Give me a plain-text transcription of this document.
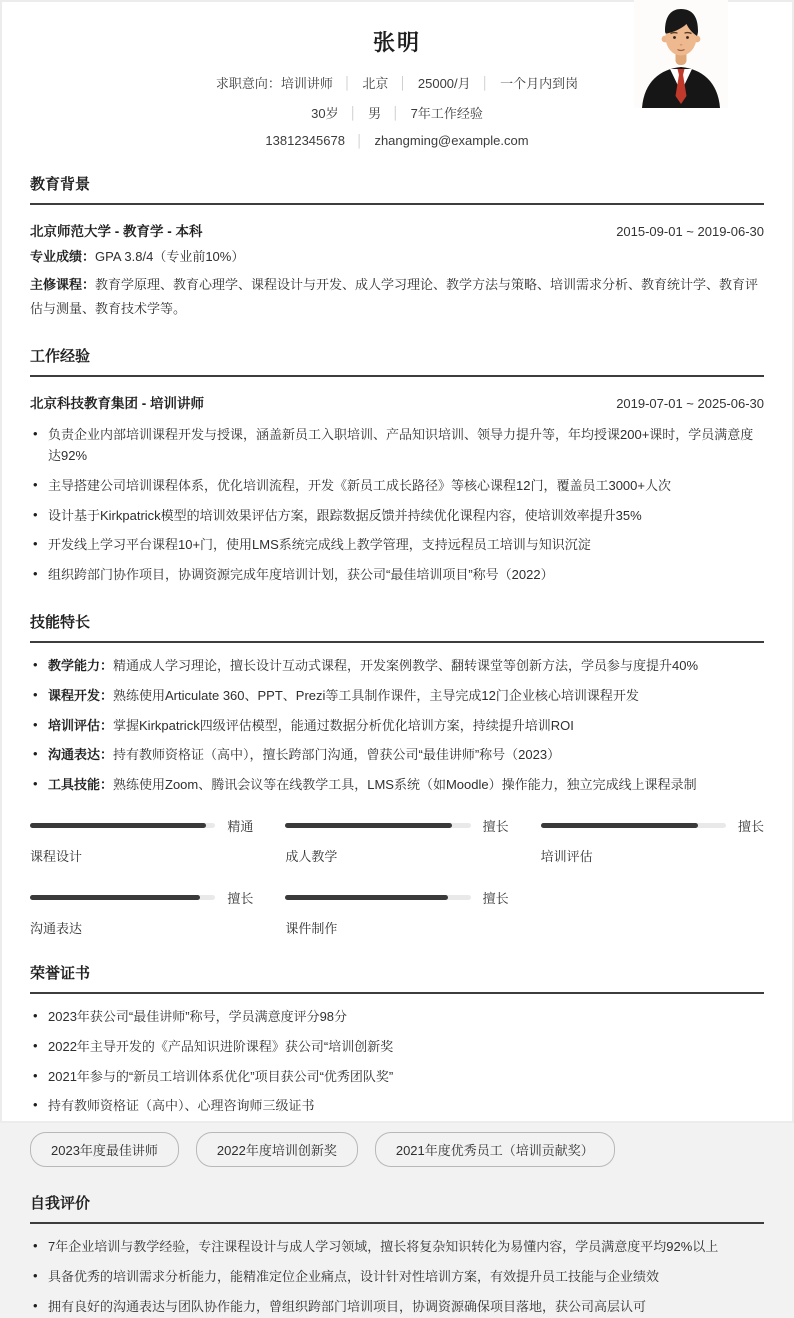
张明
求职意向：培训讲师	│ 北京	│ 25000/月	│ 一个月内到岗
30岁	│ 男	│ 7年工作经验
13812345678	│ zhangming@example.com
教育背景
北京师范大学 - 教育学 - 本科	2015-09-01 ~ 2019-06-30
专业成绩：GPA 3.8/4（专业前10%）
主修课程：教育学原理、教育心理学、课程设计与开发、成人学习理论、教学方法与策略、培训需求分析、教育统计学、教育评估与测量、教育技术学等。
工作经验
北京科技教育集团 - 培训讲师	2019-07-01 ~ 2025-06-30
• 负责企业内部培训课程开发与授课，涵盖新员工入职培训、产品知识培训、领导力提升等，年均授课200+课时，学员满意度达92%
• 主导搭建公司培训课程体系，优化培训流程，开发《新员工成长路径》等核心课程12门，覆盖员工3000+人次
• 设计基于Kirkpatrick模型的培训效果评估方案，跟踪数据反馈并持续优化课程内容，使培训效率提升35%
• 开发线上学习平台课程10+门，使用LMS系统完成线上教学管理，支持远程员工培训与知识沉淀
• 组织跨部门协作项目，协调资源完成年度培训计划，获公司“最佳培训项目”称号（2022）
技能特长
• 教学能力：精通成人学习理论，擅长设计互动式课程，开发案例教学、翻转课堂等创新方法，学员参与度提升40%
• 课程开发：熟练使用Articulate 360、PPT、Prezi等工具制作课件，主导完成12门企业核心培训课程开发
• 培训评估：掌握Kirkpatrick四级评估模型，能通过数据分析优化培训方案，持续提升培训ROI
• 沟通表达：持有教师资格证（高中），擅长跨部门沟通，曾获公司“最佳讲师”称号（2023）
• 工具技能：熟练使用Zoom、腾讯会议等在线教学工具，LMS系统（如Moodle）操作能力，独立完成线上课程录制
精通
课程设计
擅长
成人教学
擅长
培训评估
擅长
沟通表达
擅长
课件制作
荣誉证书
• 2023年获公司“最佳讲师”称号，学员满意度评分98分
• 2022年主导开发的《产品知识进阶课程》获公司“培训创新奖
• 2021年参与的“新员工培训体系优化”项目获公司“优秀团队奖”
• 持有教师资格证（高中）、心理咨询师三级证书
2023年度最佳讲师	2022年度培训创新奖	2021年度优秀员工（培训贡献奖）
自我评价
• 7年企业培训与教学经验，专注课程设计与成人学习领域，擅长将复杂知识转化为易懂内容，学员满意度平均92%以上
• 具备优秀的培训需求分析能力，能精准定位企业痛点，设计针对性培训方案，有效提升员工技能与企业绩效
• 拥有良好的沟通表达与团队协作能力，曾组织跨部门培训项目，协调资源确保项目落地，获公司高层认可
